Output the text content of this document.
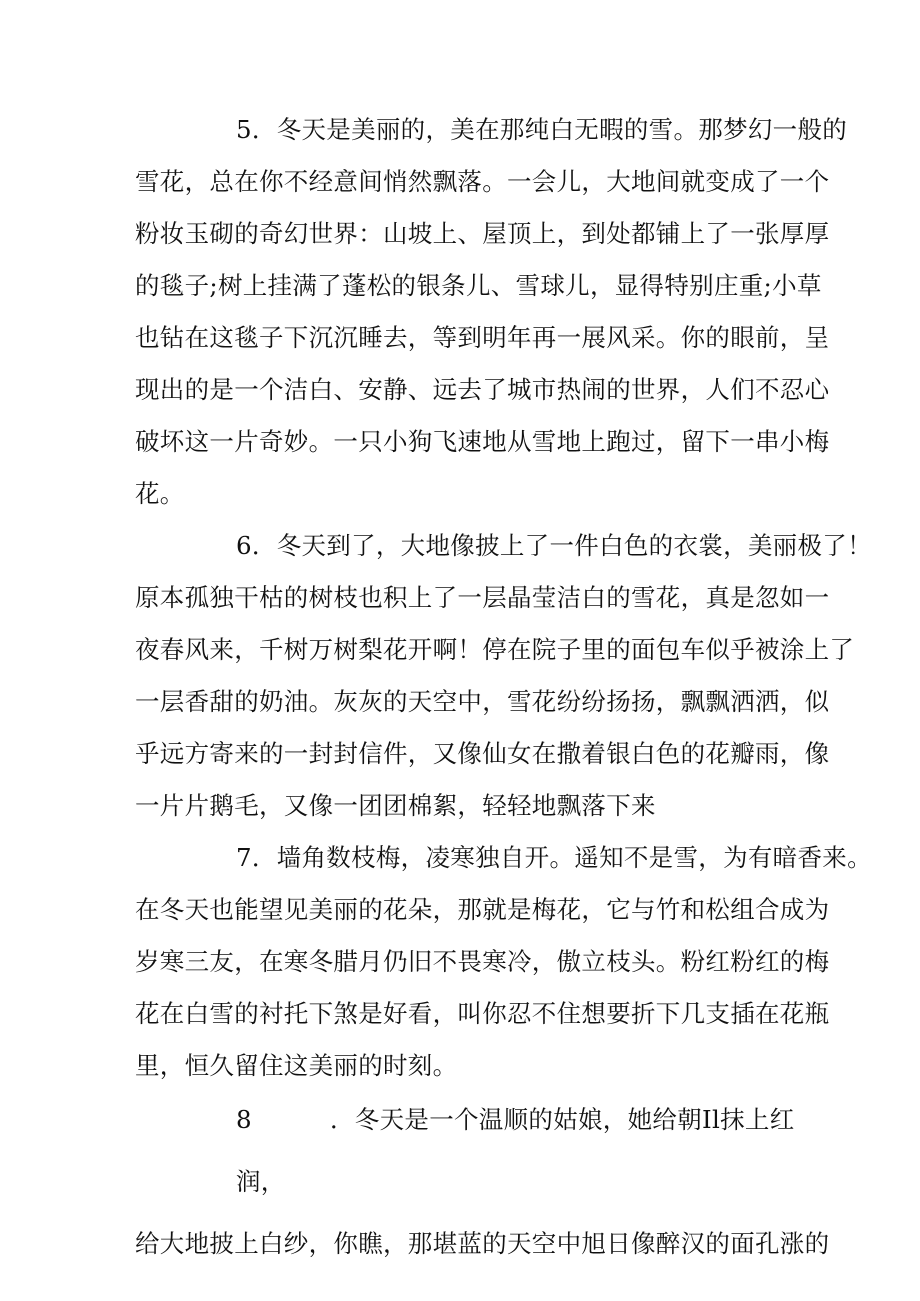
5．冬天是美丽的，美在那纯白无暇的雪。那梦幻一般的
雪花，总在你不经意间悄然飘落。一会儿，大地间就变成了一个
粉妆玉砌的奇幻世界：山坡上、屋顶上，到处都铺上了一张厚厚
的毯子;树上挂满了蓬松的银条儿、雪球儿，显得特别庄重;小草
也钻在这毯子下沉沉睡去，等到明年再一展风采。你的眼前，呈
现出的是一个洁白、安静、远去了城市热闹的世界，人们不忍心
破坏这一片奇妙。一只小狗飞速地从雪地上跑过，留下一串小梅
花。
6．冬天到了，大地像披上了一件白色的衣裳，美丽极了！
原本孤独干枯的树枝也积上了一层晶莹洁白的雪花，真是忽如一
夜春风来，千树万树梨花开啊！停在院子里的面包车似乎被涂上了
一层香甜的奶油。灰灰的天空中，雪花纷纷扬扬，飘飘洒洒，似
乎远方寄来的一封封信件，又像仙女在撒着银白色的花瓣雨，像
一片片鹅毛，又像一团团棉絮，轻轻地飘落下来
7．墙角数枝梅，凌寒独自开。遥知不是雪，为有暗香来。
在冬天也能望见美丽的花朵，那就是梅花，它与竹和松组合成为
岁寒三友，在寒冬腊月仍旧不畏寒冷，傲立枝头。粉红粉红的梅
花在白雪的衬托下煞是好看，叫你忍不住想要折下几支插在花瓶
里，恒久留住这美丽的时刻。
8	．冬天是一个温顺的姑娘，她给朝Il抹上红
润，
给大地披上白纱，你瞧，那堪蓝的天空中旭日像醉汉的面孔涨的
